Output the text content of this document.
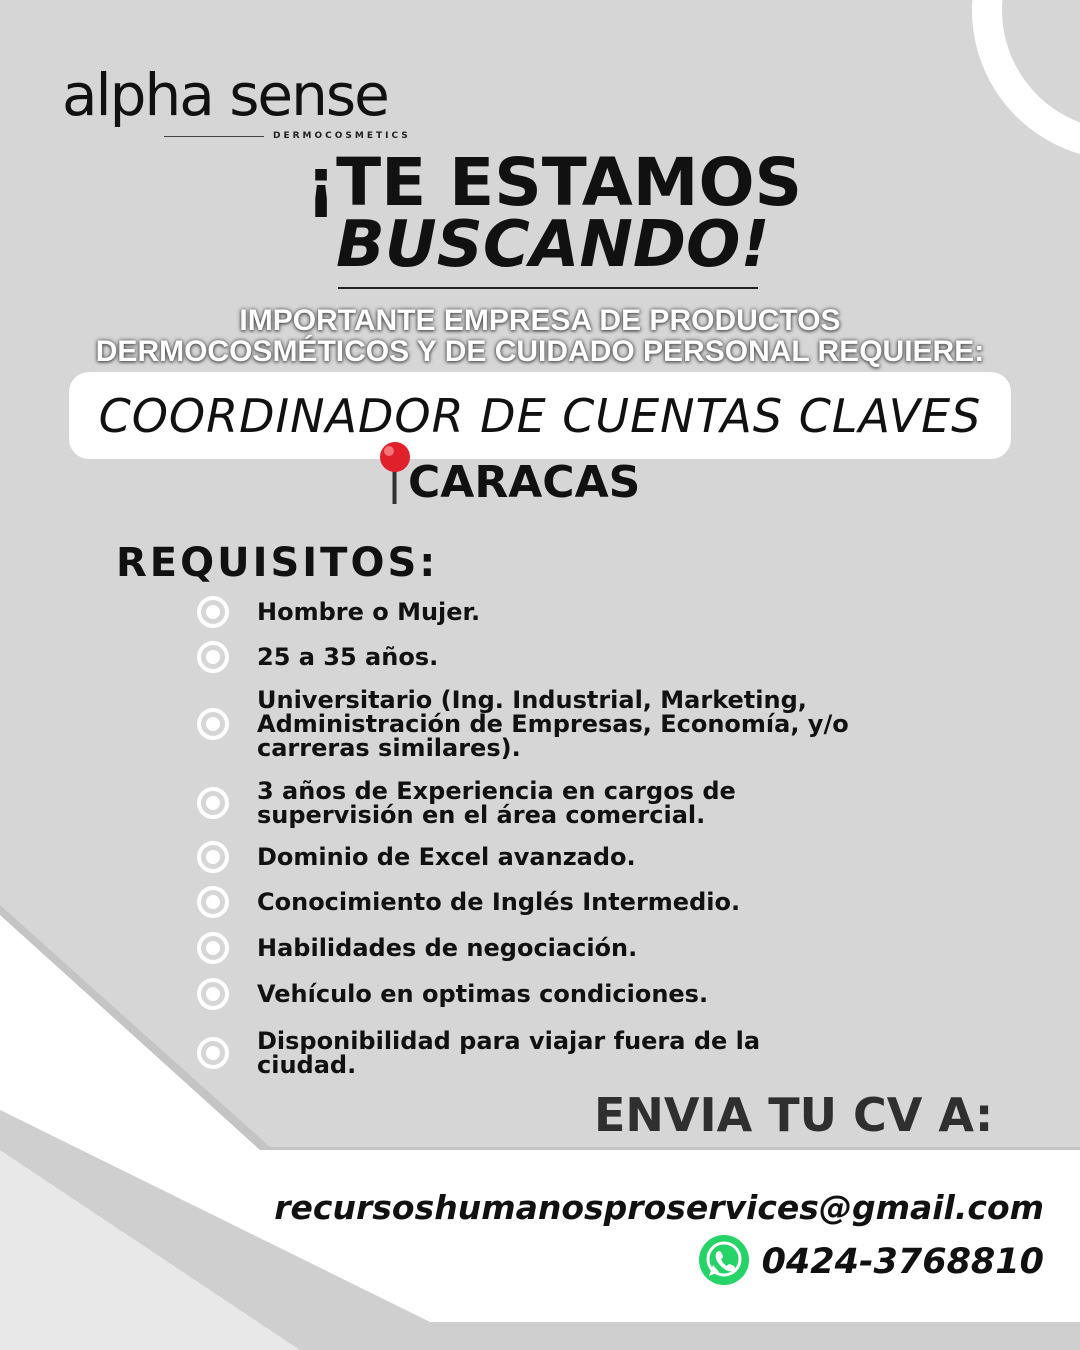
alpha sense
DERMOCOSMETICS
¡TE ESTAMOS
BUSCANDO!
IMPORTANTE EMPRESA DE PRODUCTOS
DERMOCOSMÉTICOS Y DE CUIDADO PERSONAL REQUIERE:
COORDINADOR DE CUENTAS CLAVES
CARACAS
REQUISITOS:
Hombre o Mujer.
25 a 35 años.
Universitario (Ing. Industrial, Marketing, Administración de Empresas, Economía, y/o carreras similares).
3 años de Experiencia en cargos de supervisión en el área comercial.
Dominio de Excel avanzado.
Conocimiento de Inglés Intermedio.
Habilidades de negociación.
Vehículo en optimas condiciones.
Disponibilidad para viajar fuera de la ciudad.
ENVIA TU CV A:
recursoshumanosproservices@gmail.com
0424-3768810
